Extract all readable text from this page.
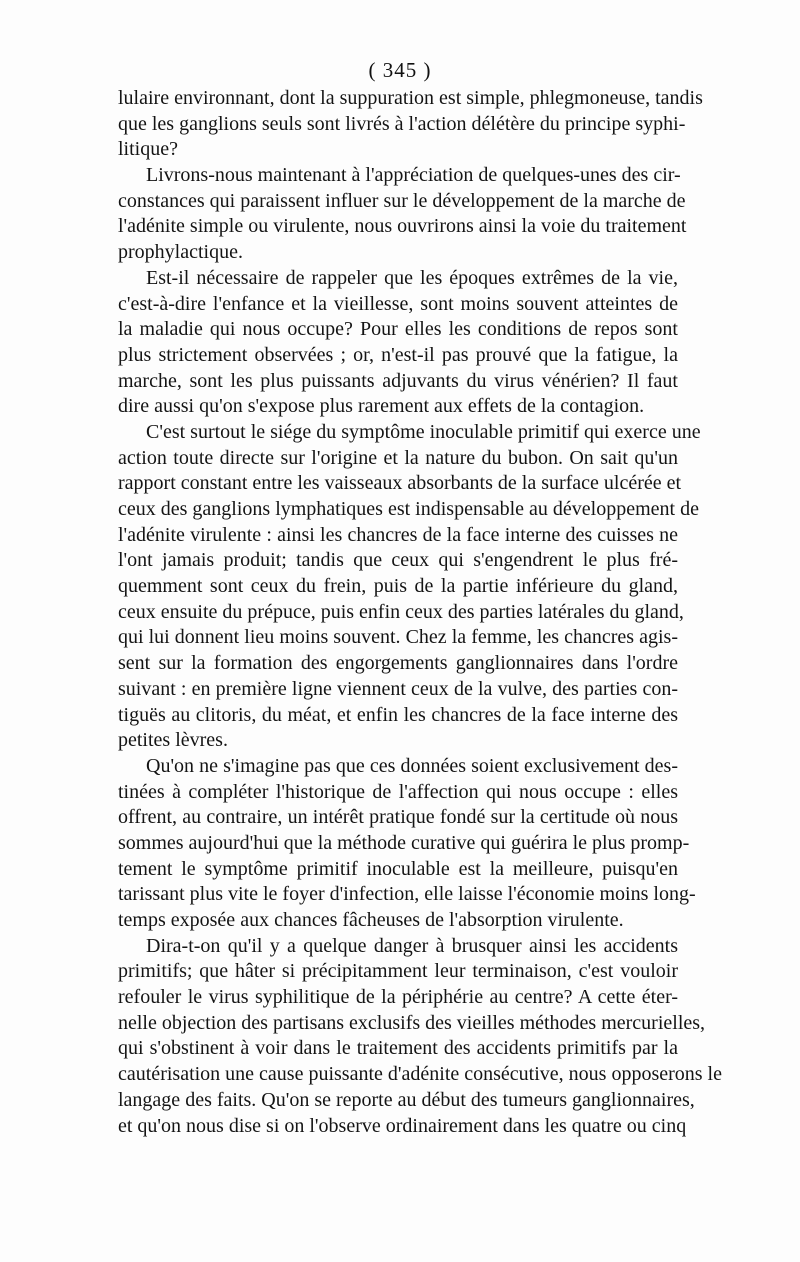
( 345 )
lulaire environnant, dont la suppuration est simple, phlegmoneuse, tandis
que les ganglions seuls sont livrés à l'action délétère du principe syphi-
litique?
Livrons-nous maintenant à l'appréciation de quelques-unes des cir-
constances qui paraissent influer sur le développement de la marche de
l'adénite simple ou virulente, nous ouvrirons ainsi la voie du traitement
prophylactique.
Est-il nécessaire de rappeler que les époques extrêmes de la vie,
c'est-à-dire l'enfance et la vieillesse, sont moins souvent atteintes de
la maladie qui nous occupe? Pour elles les conditions de repos sont
plus strictement observées ; or, n'est-il pas prouvé que la fatigue, la
marche, sont les plus puissants adjuvants du virus vénérien? Il faut
dire aussi qu'on s'expose plus rarement aux effets de la contagion.
C'est surtout le siége du symptôme inoculable primitif qui exerce une
action toute directe sur l'origine et la nature du bubon. On sait qu'un
rapport constant entre les vaisseaux absorbants de la surface ulcérée et
ceux des ganglions lymphatiques est indispensable au développement de
l'adénite virulente : ainsi les chancres de la face interne des cuisses ne
l'ont jamais produit; tandis que ceux qui s'engendrent le plus fré-
quemment sont ceux du frein, puis de la partie inférieure du gland,
ceux ensuite du prépuce, puis enfin ceux des parties latérales du gland,
qui lui donnent lieu moins souvent. Chez la femme, les chancres agis-
sent sur la formation des engorgements ganglionnaires dans l'ordre
suivant : en première ligne viennent ceux de la vulve, des parties con-
tiguës au clitoris, du méat, et enfin les chancres de la face interne des
petites lèvres.
Qu'on ne s'imagine pas que ces données soient exclusivement des-
tinées à compléter l'historique de l'affection qui nous occupe : elles
offrent, au contraire, un intérêt pratique fondé sur la certitude où nous
sommes aujourd'hui que la méthode curative qui guérira le plus promp-
tement le symptôme primitif inoculable est la meilleure, puisqu'en
tarissant plus vite le foyer d'infection, elle laisse l'économie moins long-
temps exposée aux chances fâcheuses de l'absorption virulente.
Dira-t-on qu'il y a quelque danger à brusquer ainsi les accidents
primitifs; que hâter si précipitamment leur terminaison, c'est vouloir
refouler le virus syphilitique de la périphérie au centre? A cette éter-
nelle objection des partisans exclusifs des vieilles méthodes mercurielles,
qui s'obstinent à voir dans le traitement des accidents primitifs par la
cautérisation une cause puissante d'adénite consécutive, nous opposerons le
langage des faits. Qu'on se reporte au début des tumeurs ganglionnaires,
et qu'on nous dise si on l'observe ordinairement dans les quatre ou cinq
